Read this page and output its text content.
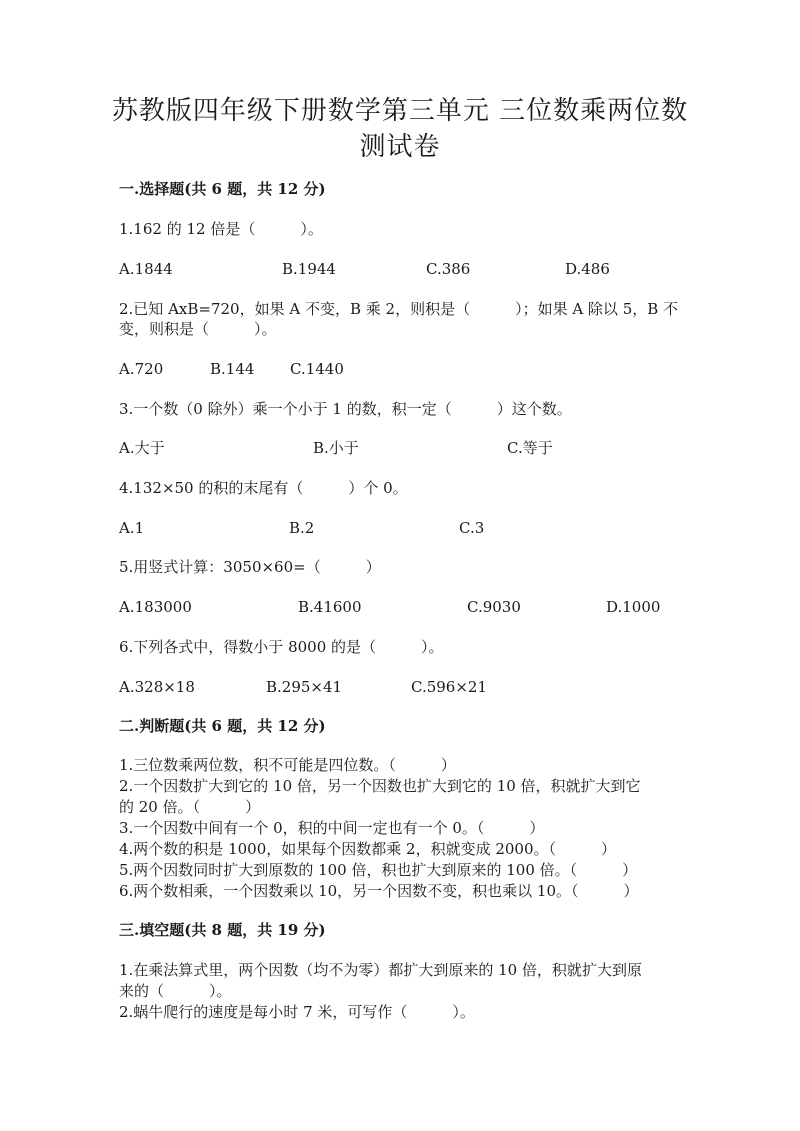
苏教版四年级下册数学第三单元 三位数乘两位数
测试卷
一.选择题(共 6 题，共 12 分)
1.162 的 12 倍是（　　　）。
A.1844	B.1944	C.386	D.486
2.已知 AxB=720，如果 A 不变，B 乘 2，则积是（　　　）；如果 A 除以 5，B 不
变，则积是（　　　）。
A.720	B.144 C.1440
3.一个数（0 除外）乘一个小于 1 的数，积一定（　　　）这个数。
A.大于	B.小于	C.等于
4.132×50 的积的末尾有（　　　）个 0。
A.1	B.2	C.3
5.用竖式计算：3050×60=（　　　）
A.183000	B.41600	C.9030	D.1000
6.下列各式中，得数小于 8000 的是（　　　）。
A.328×18	B.295×41	C.596×21
二.判断题(共 6 题，共 12 分)
1.三位数乘两位数，积不可能是四位数。（　　　）
2.一个因数扩大到它的 10 倍，另一个因数也扩大到它的 10 倍，积就扩大到它
的 20 倍。（　　　）
3.一个因数中间有一个 0，积的中间一定也有一个 0。（　　　）
4.两个数的积是 1000，如果每个因数都乘 2，积就变成 2000。（　　　）
5.两个因数同时扩大到原数的 100 倍，积也扩大到原来的 100 倍。（　　　）
6.两个数相乘，一个因数乘以 10，另一个因数不变，积也乘以 10。（　　　）
三.填空题(共 8 题，共 19 分)
1.在乘法算式里，两个因数（均不为零）都扩大到原来的 10 倍，积就扩大到原
来的（　　　）。
2.蜗牛爬行的速度是每小时 7 米，可写作（　　　）。
